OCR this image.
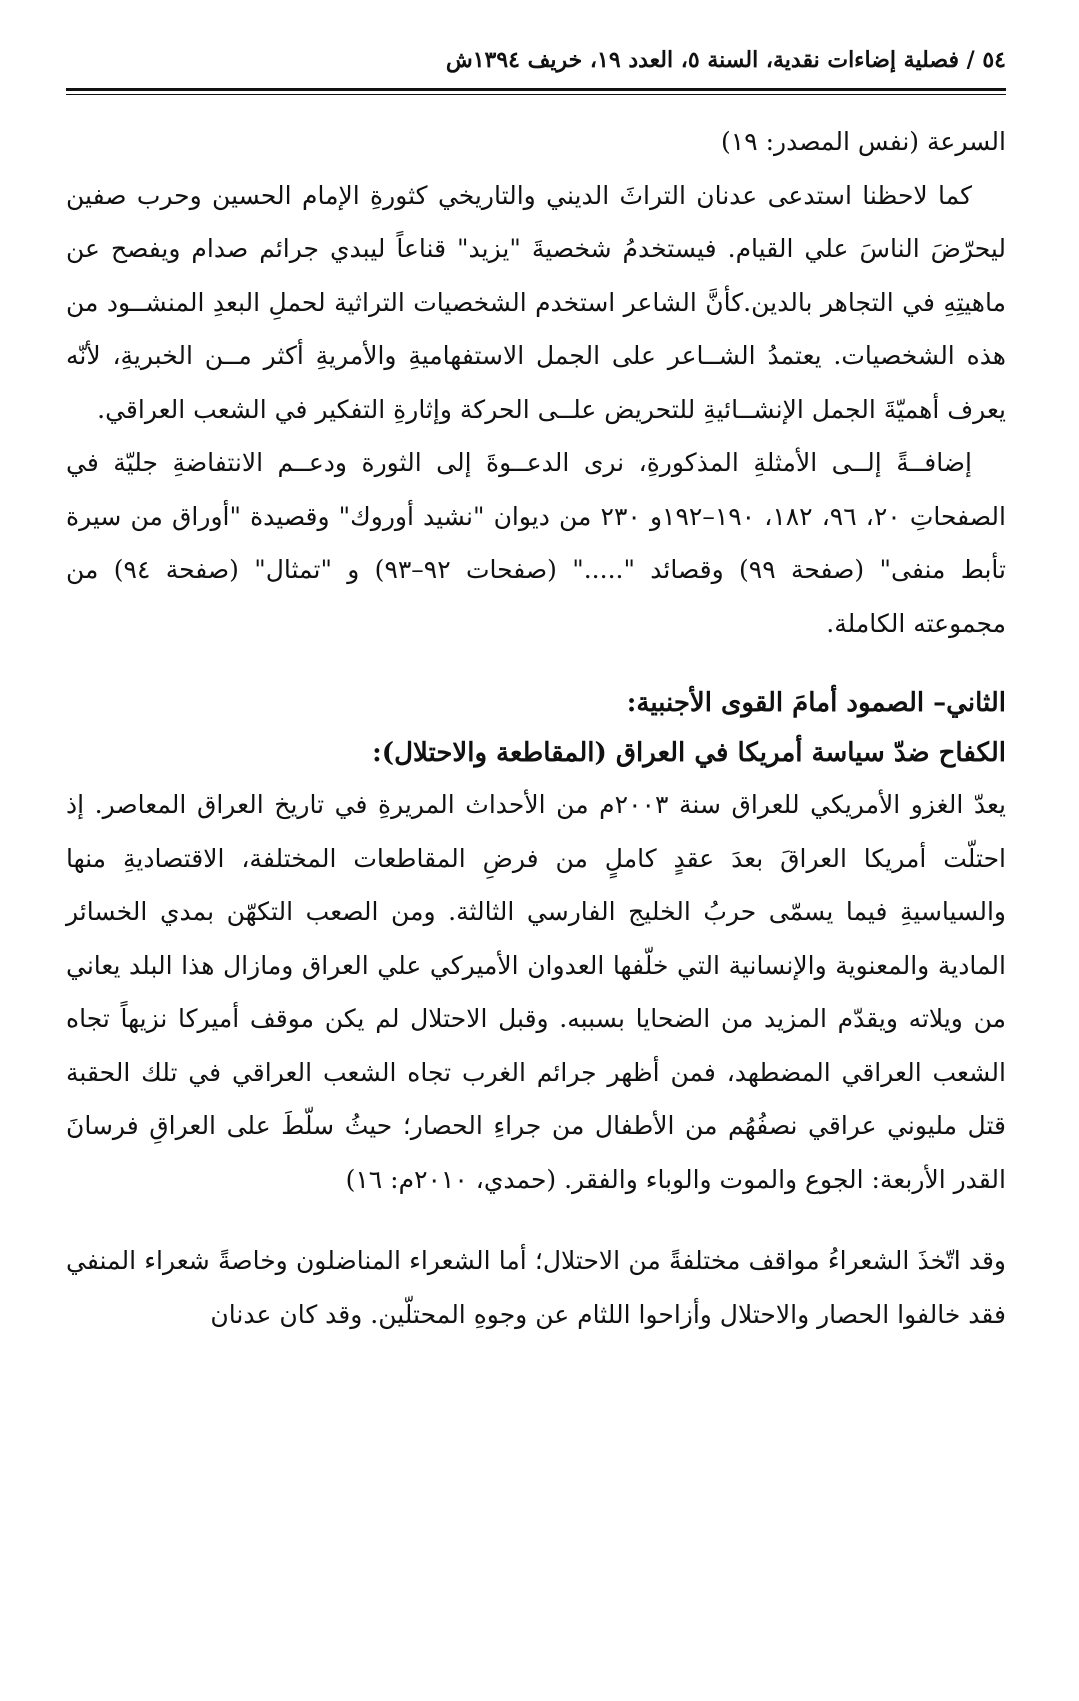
٥٤ / فصلية إضاءات نقدية، السنة ٥، العدد ١٩، خريف ١٣٩٤ش

السرعة (نفس المصدر: ١٩)

كما لاحظنا استدعى عدنان التراثَ الديني والتاريخي كثورةِ الإمام الحسين وحرب صفين ليحرّضَ الناسَ علي القيام. فيستخدمُ شخصيةَ "يزيد" قناعاً ليبدي جرائم صدام ويفصح عن ماهيتِهِ في التجاهر بالدين.كأنَّ الشاعر استخدم الشخصيات التراثية لحملِ البعدِ المنشــود من هذه الشخصيات. يعتمدُ الشــاعر على الجمل الاستفهاميةِ والأمريةِ أكثر مــن الخبريةِ، لأنّه يعرف أهميّةَ الجمل الإنشــائيةِ للتحريض علــى الحركة وإثارةِ التفكير في الشعب العراقي.

إضافــةً إلــى الأمثلةِ المذكورةِ، نرى الدعــوةَ إلى الثورة ودعــم الانتفاضةِ جليّة في الصفحاتِ ٢٠، ٩٦، ١٨٢، ١٩٠–١٩٢و ٢٣٠ من ديوان "نشيد أوروك" وقصيدة "أوراق من سيرة تأبط منفى" (صفحة ٩٩) وقصائد "....." (صفحات ٩٢–٩٣) و "تمثال" (صفحة ٩٤) من مجموعته الكاملة.

الثاني– الصمود أمامَ القوى الأجنبية:
الكفاح ضدّ سياسة أمريكا في العراق (المقاطعة والاحتلال):

يعدّ الغزو الأمريكي للعراق سنة ٢٠٠٣م من الأحداث المريرةِ في تاريخ العراق المعاصر. إذ احتلّت أمريكا العراقَ بعدَ عقدٍ كاملٍ من فرضِ المقاطعات المختلفة، الاقتصاديةِ منها والسياسيةِ فيما يسمّى حربُ الخليج الفارسي الثالثة. ومن الصعب التكهّن بمدي الخسائر المادية والمعنوية والإنسانية التي خلّفها العدوان الأميركي علي العراق ومازال هذا البلد يعاني من ويلاته ويقدّم المزيد من الضحايا بسببه. وقبل الاحتلال لم يكن موقف أميركا نزيهاً تجاه الشعب العراقي المضطهد، فمن أظهر جرائم الغرب تجاه الشعب العراقي في تلك الحقبة قتل مليوني عراقي نصفُهُم من الأطفال من جراءِ الحصار؛ حيثُ سلّطَ على العراقِ فرسانَ القدر الأربعة: الجوع والموت والوباء والفقر. (حمدي، ٢٠١٠م: ١٦)

وقد اتّخذَ الشعراءُ مواقف مختلفةً من الاحتلال؛ أما الشعراء المناضلون وخاصةً شعراء المنفي فقد خالفوا الحصار والاحتلال وأزاحوا اللثام عن وجوهِ المحتلّين. وقد كان عدنان
